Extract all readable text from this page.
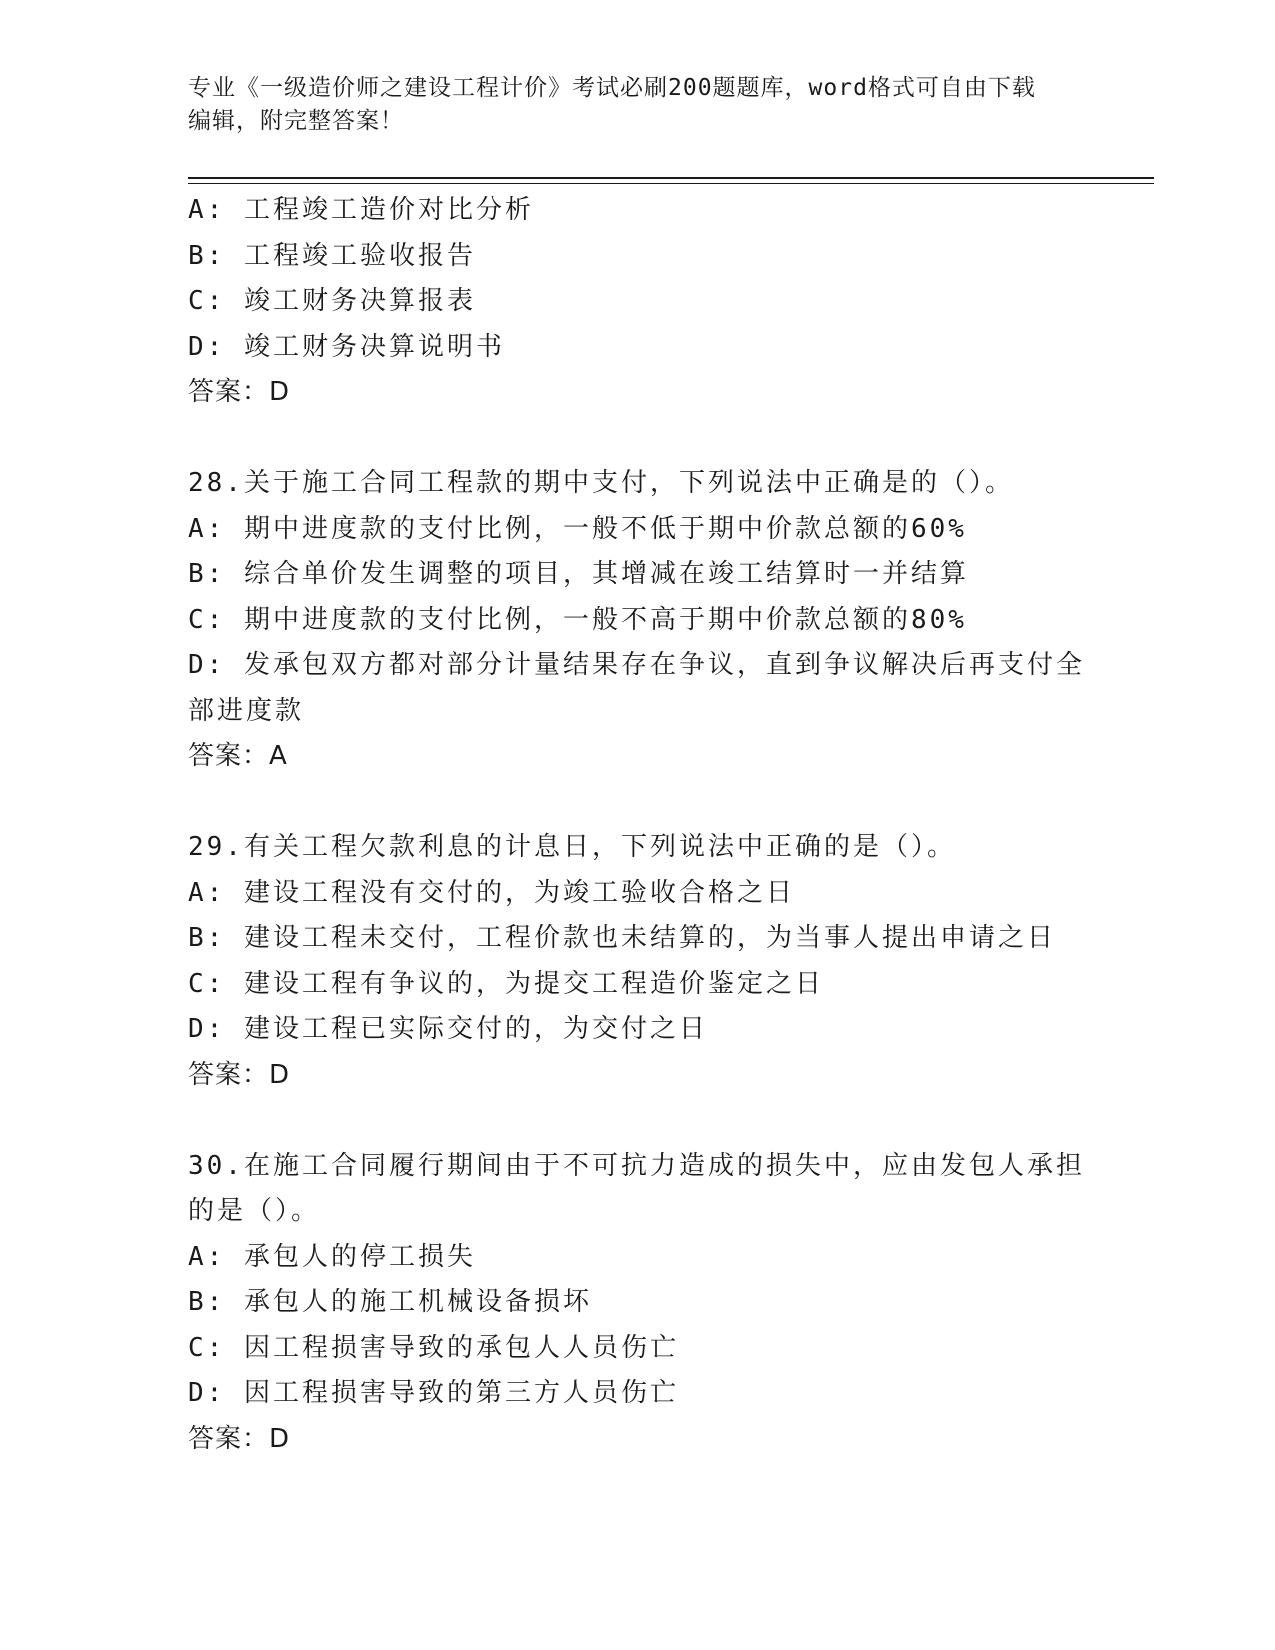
专业《一级造价师之建设工程计价》考试必刷200题题库，word格式可自由下载
编辑，附完整答案！
A: 工程竣工造价对比分析
B: 工程竣工验收报告
C: 竣工财务决算报表
D: 竣工财务决算说明书
答案：D
28.关于施工合同工程款的期中支付，下列说法中正确是的（）。
A: 期中进度款的支付比例，一般不低于期中价款总额的60%
B: 综合单价发生调整的项目，其增减在竣工结算时一并结算
C: 期中进度款的支付比例，一般不高于期中价款总额的80%
D: 发承包双方都对部分计量结果存在争议，直到争议解决后再支付全
部进度款
答案：A
29.有关工程欠款利息的计息日，下列说法中正确的是（）。
A: 建设工程没有交付的，为竣工验收合格之日
B: 建设工程未交付，工程价款也未结算的，为当事人提出申请之日
C: 建设工程有争议的，为提交工程造价鉴定之日
D: 建设工程已实际交付的，为交付之日
答案：D
30.在施工合同履行期间由于不可抗力造成的损失中，应由发包人承担
的是（）。
A: 承包人的停工损失
B: 承包人的施工机械设备损坏
C: 因工程损害导致的承包人人员伤亡
D: 因工程损害导致的第三方人员伤亡
答案：D
